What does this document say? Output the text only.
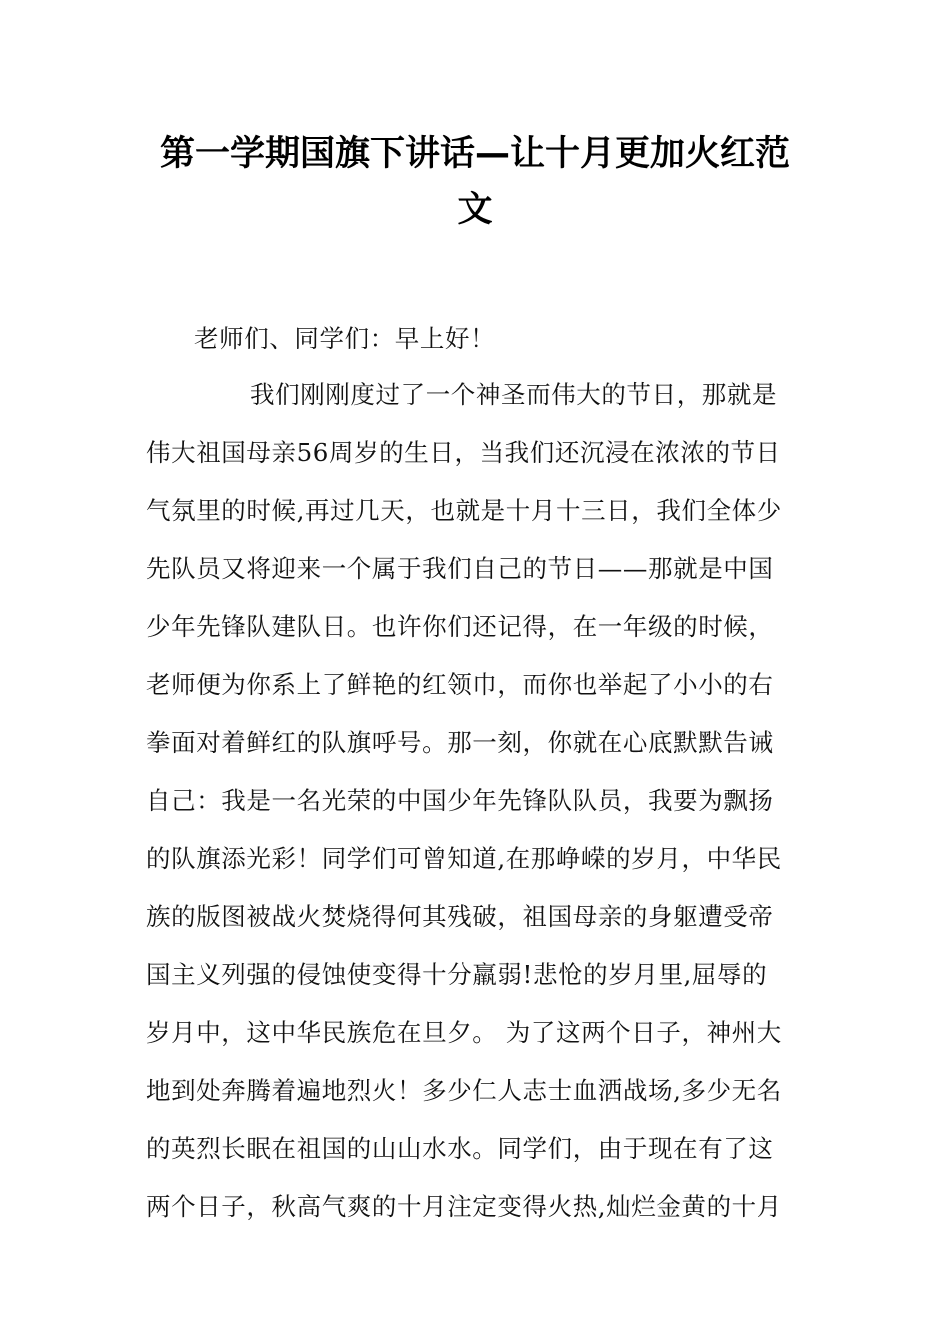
第一学期国旗下讲话—让十月更加火红范
文
老师们、同学们：早上好！
我们刚刚度过了一个神圣而伟大的节日，那就是
伟大祖国母亲56周岁的生日，当我们还沉浸在浓浓的节日
气氛里的时候,再过几天，也就是十月十三日，我们全体少
先队员又将迎来一个属于我们自己的节日——那就是中国
少年先锋队建队日。也许你们还记得，在一年级的时候，
老师便为你系上了鲜艳的红领巾，而你也举起了小小的右
拳面对着鲜红的队旗呼号。那一刻，你就在心底默默告诫
自己：我是一名光荣的中国少年先锋队队员，我要为飘扬
的队旗添光彩！同学们可曾知道,在那峥嵘的岁月，中华民
族的版图被战火焚烧得何其残破，祖国母亲的身躯遭受帝
国主义列强的侵蚀使变得十分羸弱!悲怆的岁月里,屈辱的
岁月中，这中华民族危在旦夕。 为了这两个日子，神州大
地到处奔腾着遍地烈火！多少仁人志士血洒战场,多少无名
的英烈长眠在祖国的山山水水。同学们，由于现在有了这
两个日子，秋高气爽的十月注定变得火热,灿烂金黄的十月
